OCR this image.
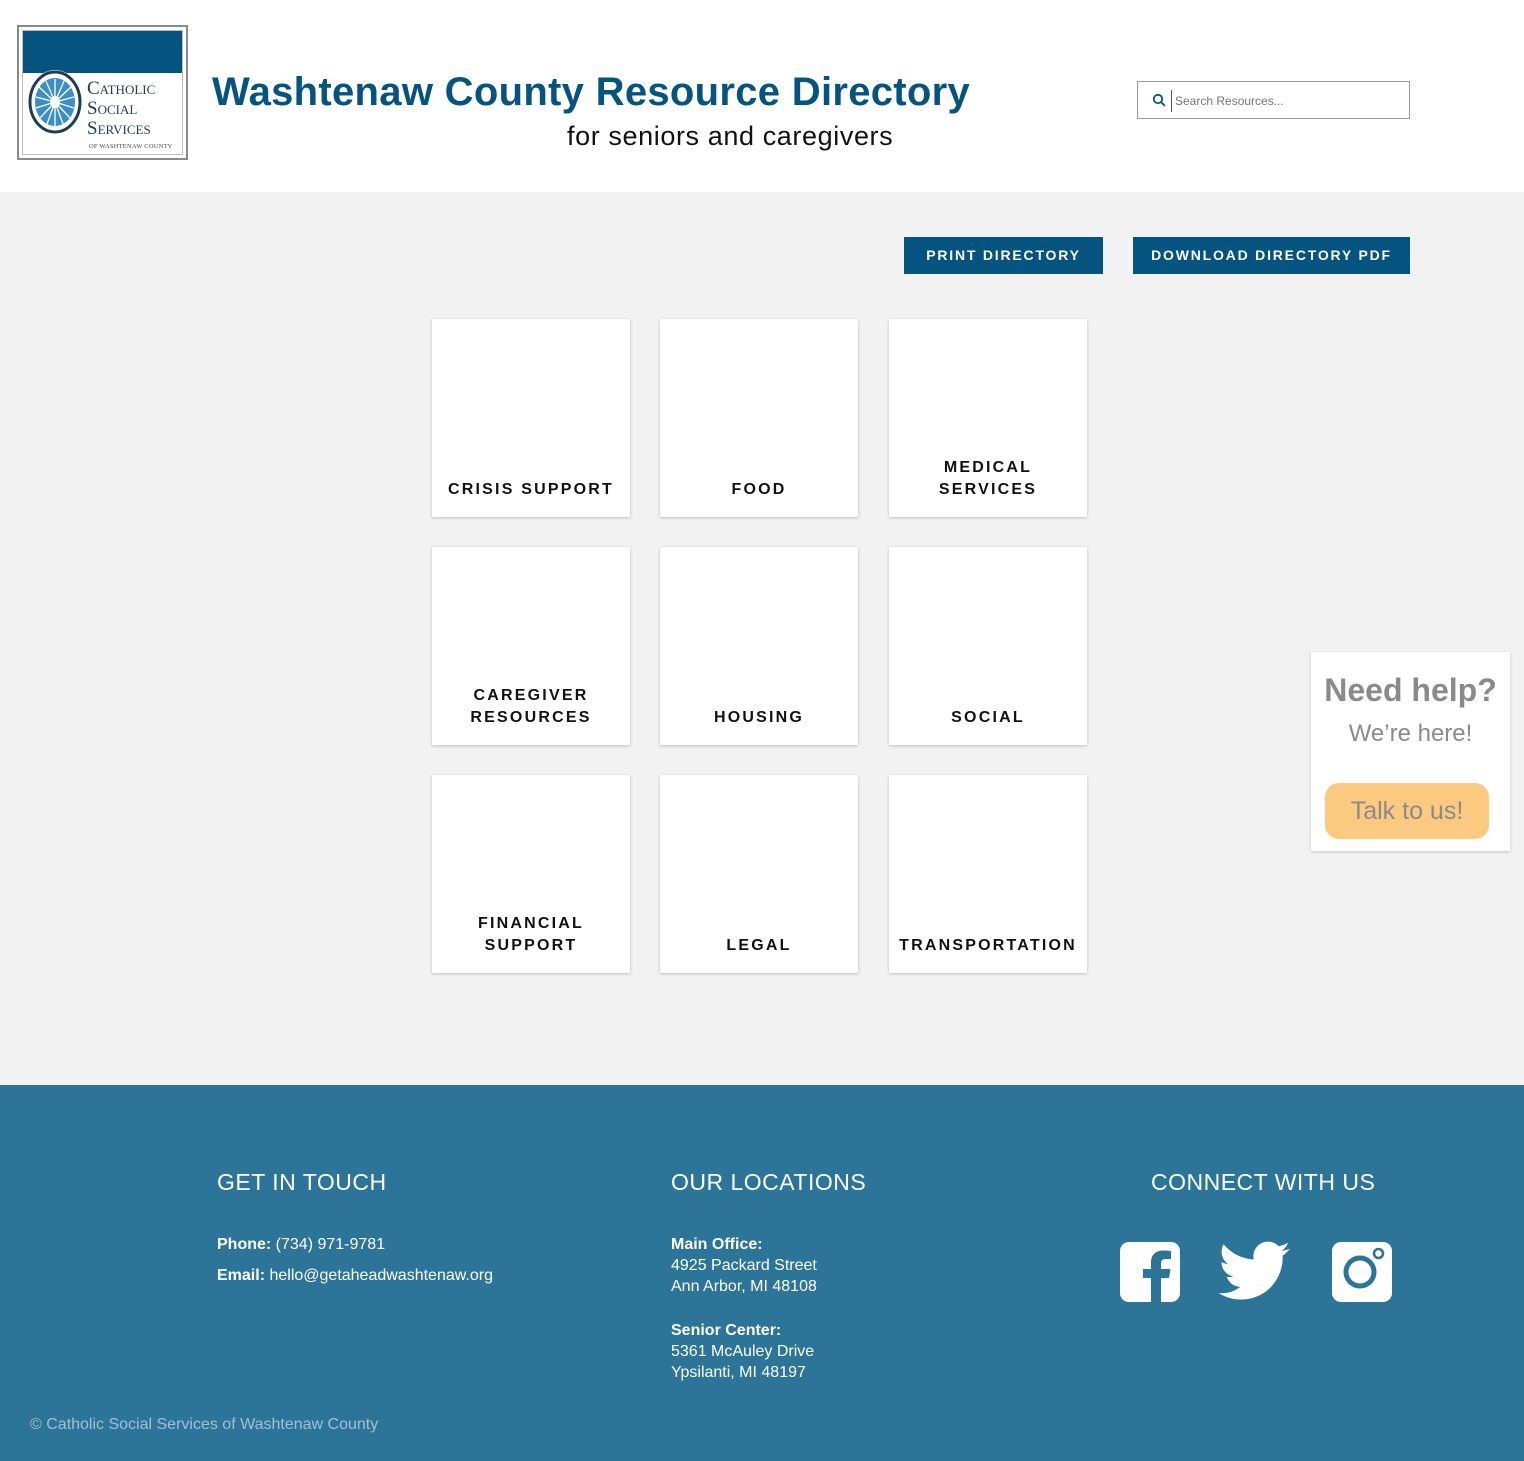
Catholic
Social
Services
OF WASHTENAW COUNTY
Washtenaw County Resource Directory
for seniors and caregivers
Search Resources...
PRINT DIRECTORY	DOWNLOAD DIRECTORY PDF
CRISIS SUPPORT	FOOD
MEDICAL
SERVICES
CAREGIVER
RESOURCES	HOUSING	SOCIAL
FINANCIAL
SUPPORT	LEGAL	TRANSPORTATION
Need help?
We’re here!
Talk to us!
GET IN TOUCH
Phone: (734) 971-9781
Email: hello@getaheadwashtenaw.org
OUR LOCATIONS
Main Office:
4925 Packard Street
Ann Arbor, MI 48108
Senior Center:
5361 McAuley Drive
Ypsilanti, MI 48197
CONNECT WITH US
© Catholic Social Services of Washtenaw County
